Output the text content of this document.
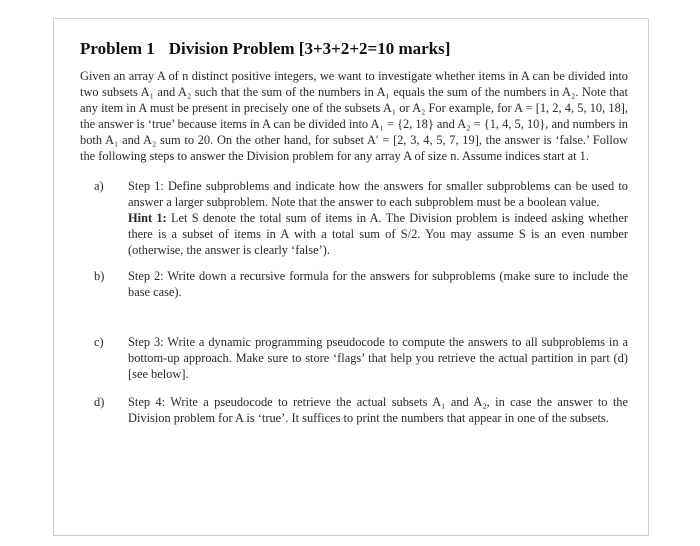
Problem 1 Division Problem [3+3+2+2=10 marks]

Given an array A of n distinct positive integers, we want to investigate whether items in A can be divided into two subsets A₁ and A₂ such that the sum of the numbers in A₁ equals the sum of the numbers in A₂. Note that any item in A must be present in precisely one of the subsets A₁ or A₂ For example, for A = [1, 2, 4, 5, 10, 18], the answer is ‘true’ because items in A can be divided into A₁ = {2, 18} and A₂ = {1, 4, 5, 10}, and numbers in both A₁ and A₂ sum to 20. On the other hand, for subset A′ = [2, 3, 4, 5, 7, 19], the answer is ‘false.’ Follow the following steps to answer the Division problem for any array A of size n. Assume indices start at 1.

a)	Step 1: Define subproblems and indicate how the answers for smaller subproblems can be used to answer a larger subproblem. Note that the answer to each subproblem must be a boolean value.

Hint 1: Let S denote the total sum of items in A. The Division problem is indeed asking whether there is a subset of items in A with a total sum of S/2. You may assume S is an even number (otherwise, the answer is clearly ‘false’).

b)	Step 2: Write down a recursive formula for the answers for subproblems (make sure to include the base case).

c)	Step 3: Write a dynamic programming pseudocode to compute the answers to all subproblems in a bottom-up approach. Make sure to store ‘flags’ that help you retrieve the actual partition in part (d) [see below].

d)	Step 4: Write a pseudocode to retrieve the actual subsets A₁ and A₂, in case the answer to the Division problem for A is ‘true’. It suffices to print the numbers that appear in one of the subsets.
